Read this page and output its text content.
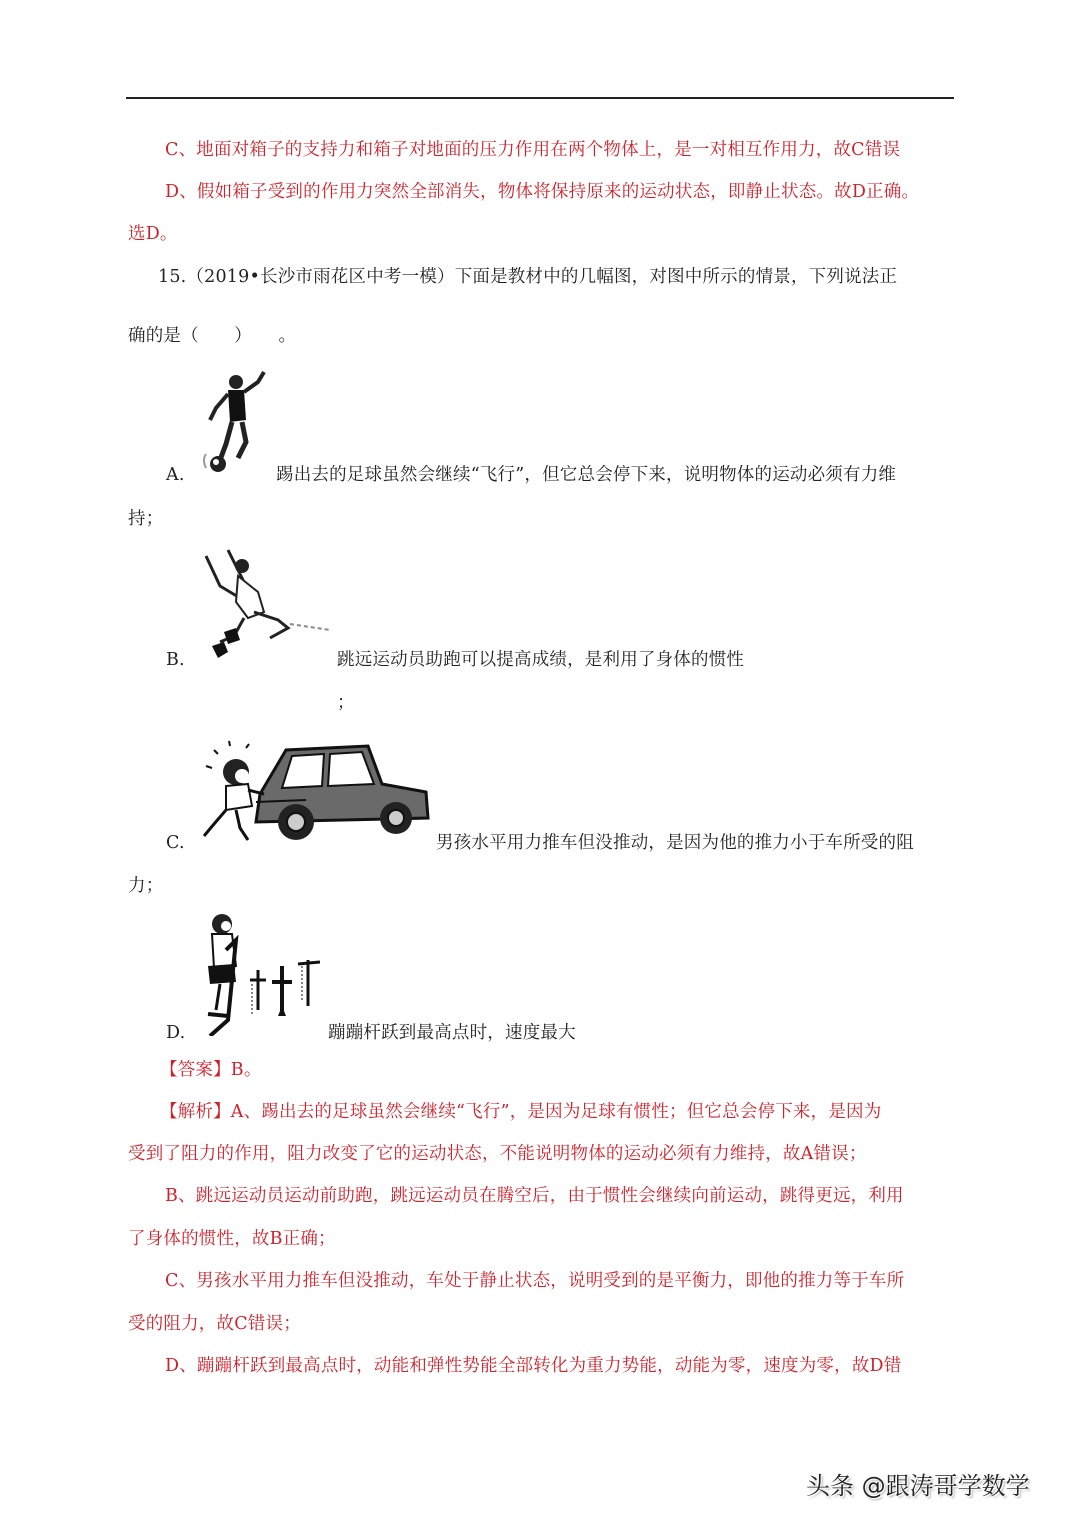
C、地面对箱子的支持力和箱子对地面的压力作用在两个物体上，是一对相互作用力，故C错误
D、假如箱子受到的作用力突然全部消失，物体将保持原来的运动状态，即静止状态。故D正确。
选D。
15.（2019•长沙市雨花区中考一模）下面是教材中的几幅图，对图中所示的情景，下列说法正
确的是（　　）　　。
A.	踢出去的足球虽然会继续“飞行”，但它总会停下来，说明物体的运动必须有力维
持；
B.	跳远运动员助跑可以提高成绩，是利用了身体的惯性
；
C.	男孩水平用力推车但没推动，是因为他的推力小于车所受的阻
力；
D.	蹦蹦杆跃到最高点时，速度最大
【答案】B。
【解析】A、踢出去的足球虽然会继续“飞行”，是因为足球有惯性；但它总会停下来，是因为
受到了阻力的作用，阻力改变了它的运动状态，不能说明物体的运动必须有力维持，故A错误；
B、跳远运动员运动前助跑，跳远运动员在腾空后，由于惯性会继续向前运动，跳得更远，利用
了身体的惯性，故B正确；
C、男孩水平用力推车但没推动，车处于静止状态，说明受到的是平衡力，即他的推力等于车所
受的阻力，故C错误；
D、蹦蹦杆跃到最高点时，动能和弹性势能全部转化为重力势能，动能为零，速度为零，故D错
头条 @跟涛哥学数学
